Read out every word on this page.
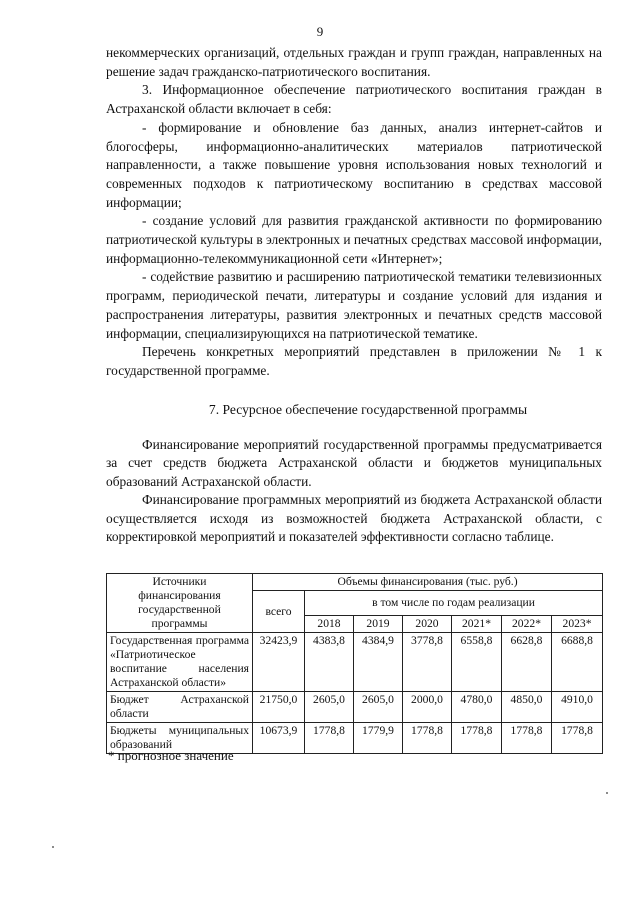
9

некоммерческих организаций, отдельных граждан и групп граждан, направленных на решение задач гражданско-патриотического воспитания.

3. Информационное обеспечение патриотического воспитания граждан в Астраханской области включает в себя:

- формирование и обновление баз данных, анализ интернет-сайтов и блогосферы, информационно-аналитических материалов патриотической направленности, а также повышение уровня использования новых технологий и современных подходов к патриотическому воспитанию в средствах массовой информации;

- создание условий для развития гражданской активности по формированию патриотической культуры в электронных и печатных средствах массовой информации, информационно-телекоммуникационной сети «Интернет»;

- содействие развитию и расширению патриотической тематики телевизионных программ, периодической печати, литературы и создание условий для издания и распространения литературы, развития электронных и печатных средств массовой информации, специализирующихся на патриотической тематике.

Перечень конкретных мероприятий представлен в приложении № 1 к государственной программе.

7. Ресурсное обеспечение государственной программы

Финансирование мероприятий государственной программы предусматривается за счет средств бюджета Астраханской области и бюджетов муниципальных образований Астраханской области.

Финансирование программных мероприятий из бюджета Астраханской области осуществляется исходя из возможностей бюджета Астраханской области, с корректировкой мероприятий и показателей эффективности согласно таблице.

Источники финансирования государственной программы	Объемы финансирования (тыс. руб.)						
	всего	в том числе по годам реализации					
		2018	2019	2020	2021*	2022*	2023*
Государственная программа «Патриотическое воспитание населения Астраханской области»	32423,9	4383,8	4384,9	3778,8	6558,8	6628,8	6688,8
Бюджет Астраханской области	21750,0	2605,0	2605,0	2000,0	4780,0	4850,0	4910,0
Бюджеты муниципальных образований	10673,9	1778,8	1779,9	1778,8	1778,8	1778,8	1778,8
* прогнозное значение
